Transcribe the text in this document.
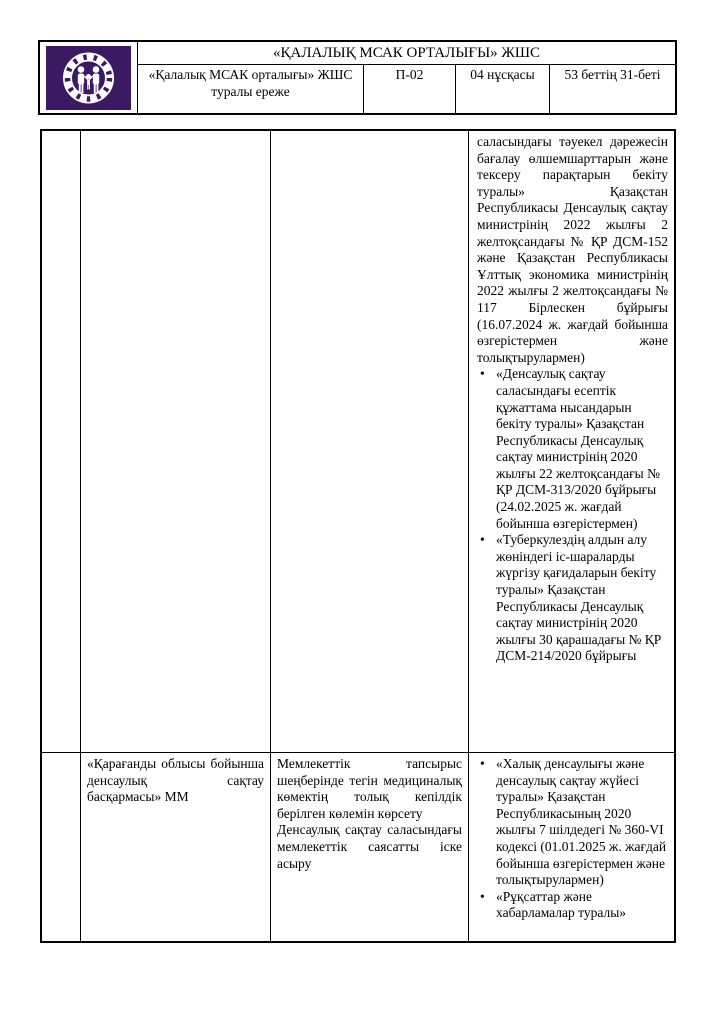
«ҚАЛАЛЫҚ МСАК ОРТАЛЫҒЫ» ЖШС
«Қалалық МСАК орталығы» ЖШС туралы ереже
П-02	04 нұсқасы	53 беттің 31-беті

саласындағы тәуекел дәрежесін бағалау өлшемшарттарын және тексеру парақтарын бекіту туралы» Қазақстан Республикасы Денсаулық сақтау министрінің 2022 жылғы 2 желтоқсандағы № ҚР ДСМ-152 және Қазақстан Республикасы Ұлттық экономика министрінің 2022 жылғы 2 желтоқсандағы № 117 Бірлескен бұйрығы (16.07.2024 ж. жағдай бойынша өзгерістермен және толықтырулармен)

• «Денсаулық сақтау саласындағы есептік құжаттама нысандарын бекіту туралы» Қазақстан Республикасы Денсаулық сақтау министрінің 2020 жылғы 22 желтоқсандағы № ҚР ДСМ-313/2020 бұйрығы (24.02.2025 ж. жағдай бойынша өзгерістермен)
• «Туберкулездің алдын алу жөніндегі іс-шараларды жүргізу қағидаларын бекіту туралы» Қазақстан Республикасы Денсаулық сақтау министрінің 2020 жылғы 30 қарашадағы № ҚР ДСМ-214/2020 бұйрығы
«Қарағанды облысы бойынша денсаулық сақтау басқармасы» ММ

Мемлекеттік тапсырыс шеңберінде тегін медициналық көмектің толық кепілдік берілген көлемін көрсету

Денсаулық сақтау саласындағы мемлекеттік саясатты іске асыру

• «Халық денсаулығы және денсаулық сақтау жүйесі туралы» Қазақстан Республикасының 2020 жылғы 7 шілдедегі № 360-VI кодексі (01.01.2025 ж. жағдай бойынша өзгерістермен және толықтырулармен)
• «Рұқсаттар және хабарламалар туралы»
